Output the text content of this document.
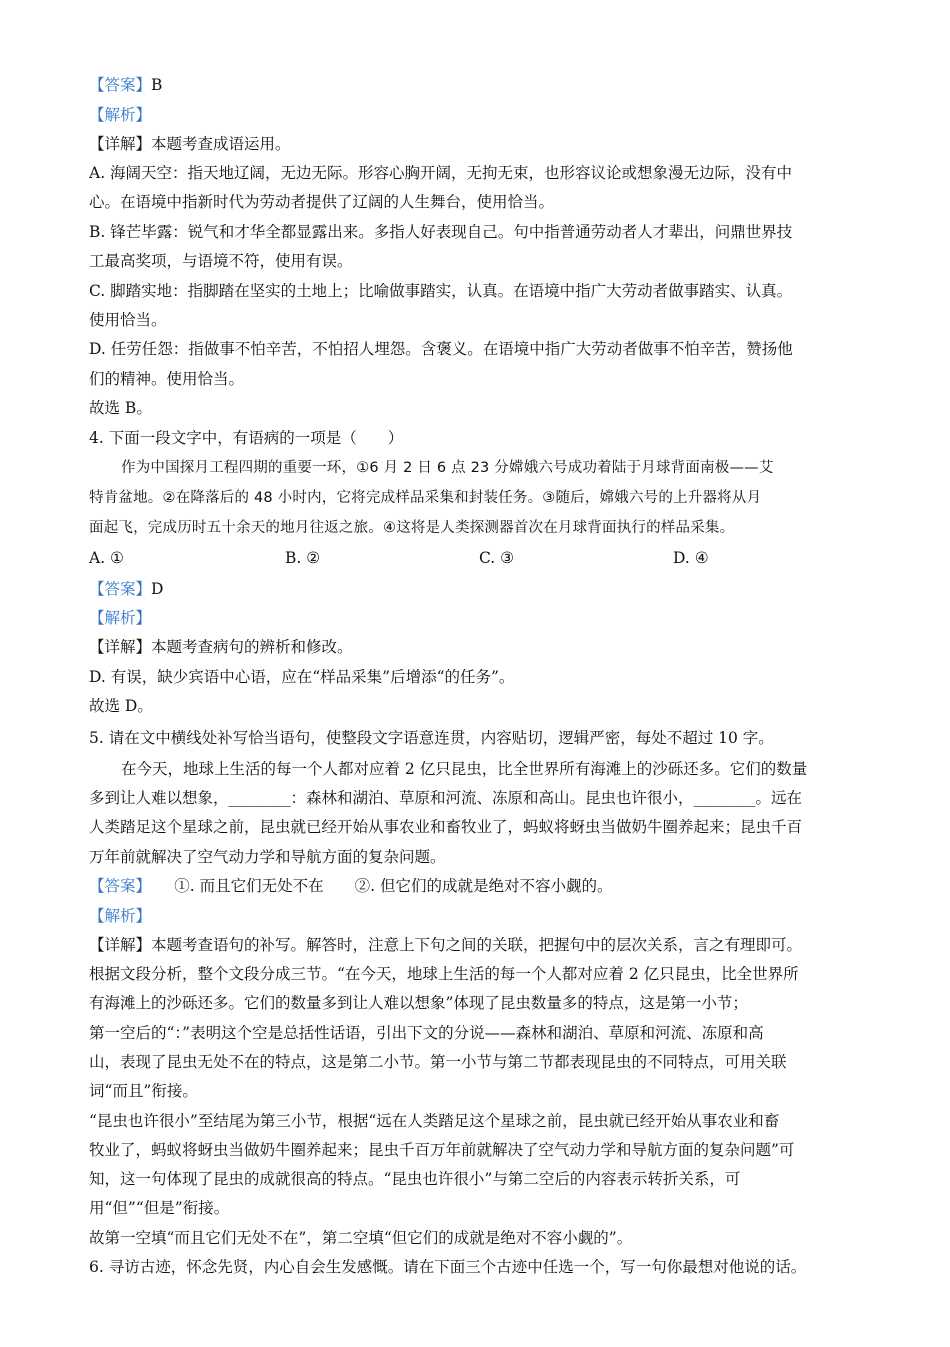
【答案】B
【解析】
【详解】本题考查成语运用。
A. 海阔天空：指天地辽阔，无边无际。形容心胸开阔，无拘无束，也形容议论或想象漫无边际，没有中
心。在语境中指新时代为劳动者提供了辽阔的人生舞台，使用恰当。
B. 锋芒毕露：锐气和才华全都显露出来。多指人好表现自己。句中指普通劳动者人才辈出，问鼎世界技
工最高奖项，与语境不符，使用有误。
C. 脚踏实地：指脚踏在坚实的土地上；比喻做事踏实，认真。在语境中指广大劳动者做事踏实、认真。
使用恰当。
D. 任劳任怨：指做事不怕辛苦，不怕招人埋怨。含褒义。在语境中指广大劳动者做事不怕辛苦，赞扬他
们的精神。使用恰当。
故选 B。
4. 下面一段文字中，有语病的一项是（　　）
作为中国探月工程四期的重要一环，①6 月 2 日 6 点 23 分嫦娥六号成功着陆于月球背面南极——艾
特肯盆地。②在降落后的 48 小时内，它将完成样品采集和封装任务。③随后，嫦娥六号的上升器将从月
面起飞，完成历时五十余天的地月往返之旅。④这将是人类探测器首次在月球背面执行的样品采集。
【答案】D
【解析】
【详解】本题考查病句的辨析和修改。
D. 有误，缺少宾语中心语，应在“样品采集”后增添“的任务”。
故选 D。
5. 请在文中横线处补写恰当语句，使整段文字语意连贯，内容贴切，逻辑严密，每处不超过 10 字。
在今天，地球上生活的每一个人都对应着 2 亿只昆虫，比全世界所有海滩上的沙砾还多。它们的数量
多到让人难以想象，________：森林和湖泊、草原和河流、冻原和高山。昆虫也许很小，________。远在
人类踏足这个星球之前，昆虫就已经开始从事农业和畜牧业了，蚂蚁将蚜虫当做奶牛圈养起来；昆虫千百
万年前就解决了空气动力学和导航方面的复杂问题。
【答案】　　①. 而且它们无处不在　　②. 但它们的成就是绝对不容小觑的。
【解析】
【详解】本题考查语句的补写。解答时，注意上下句之间的关联，把握句中的层次关系，言之有理即可。
根据文段分析，整个文段分成三节。“在今天，地球上生活的每一个人都对应着 2 亿只昆虫，比全世界所
有海滩上的沙砾还多。它们的数量多到让人难以想象”体现了昆虫数量多的特点，这是第一小节；
第一空后的“：”表明这个空是总括性话语，引出下文的分说——森林和湖泊、草原和河流、冻原和高
山，表现了昆虫无处不在的特点，这是第二小节。第一小节与第二节都表现昆虫的不同特点，可用关联
词“而且”衔接。
“昆虫也许很小”至结尾为第三小节，根据“远在人类踏足这个星球之前，昆虫就已经开始从事农业和畜
牧业了，蚂蚁将蚜虫当做奶牛圈养起来；昆虫千百万年前就解决了空气动力学和导航方面的复杂问题”可
知，这一句体现了昆虫的成就很高的特点。“昆虫也许很小”与第二空后的内容表示转折关系，可
用“但”“但是”衔接。
故第一空填“而且它们无处不在”，第二空填“但它们的成就是绝对不容小觑的”。
6. 寻访古迹，怀念先贤，内心自会生发感慨。请在下面三个古迹中任选一个，写一句你最想对他说的话。
A. ①	B. ②	C. ③	D. ④
